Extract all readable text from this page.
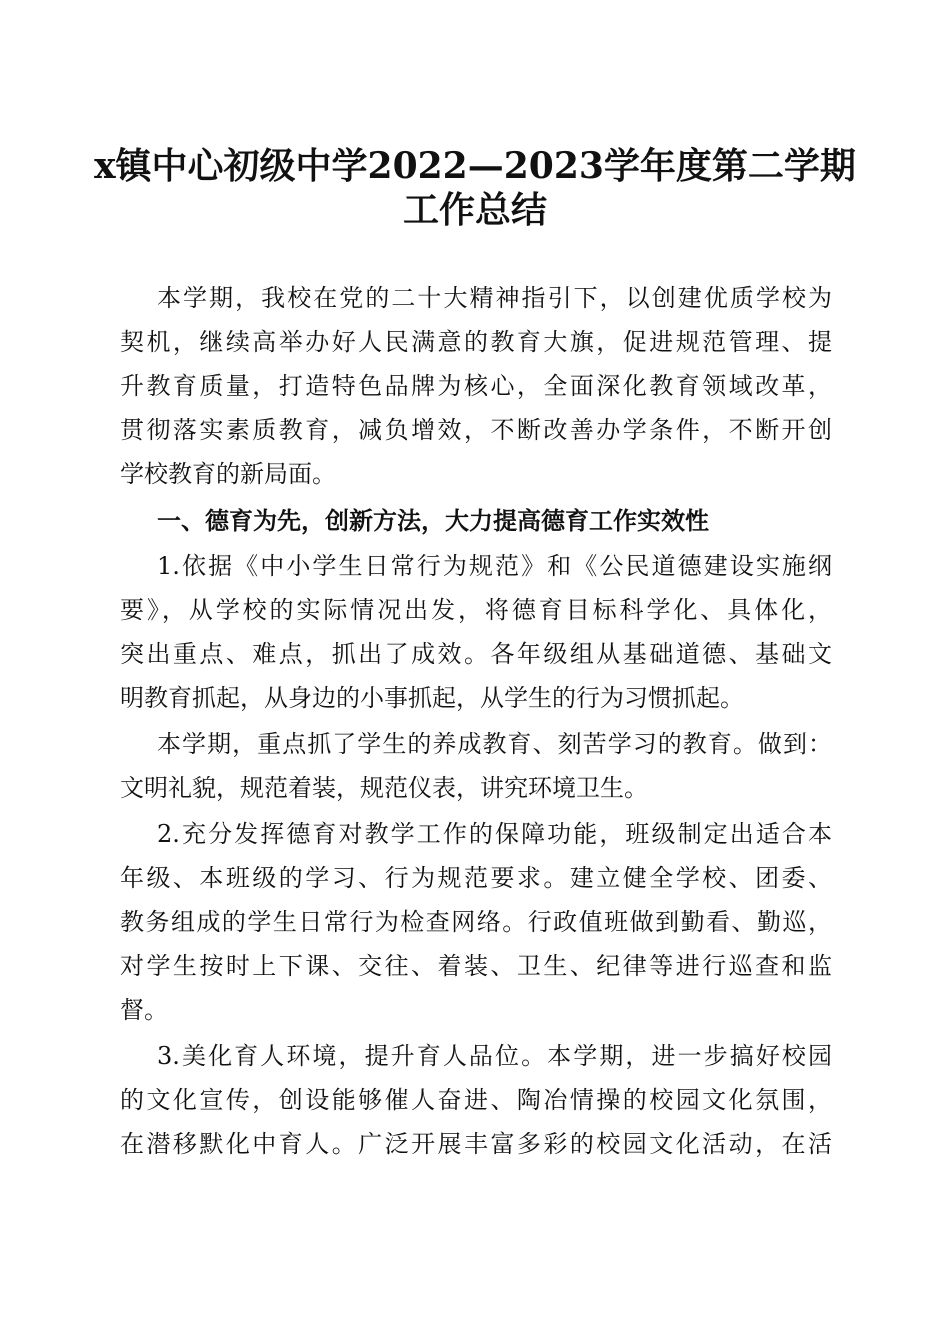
x镇中心初级中学2022—2023学年度第二学期
工作总结
本学期，我校在党的二十大精神指引下，以创建优质学校为
契机，继续高举办好人民满意的教育大旗，促进规范管理、提
升教育质量，打造特色品牌为核心，全面深化教育领域改革，
贯彻落实素质教育，减负增效，不断改善办学条件，不断开创
学校教育的新局面。
一、德育为先，创新方法，大力提高德育工作实效性
1.依据《中小学生日常行为规范》和《公民道德建设实施纲
要》，从学校的实际情况出发，将德育目标科学化、具体化，
突出重点、难点，抓出了成效。各年级组从基础道德、基础文
明教育抓起，从身边的小事抓起，从学生的行为习惯抓起。
本学期，重点抓了学生的养成教育、刻苦学习的教育。做到：
文明礼貌，规范着装，规范仪表，讲究环境卫生。
2.充分发挥德育对教学工作的保障功能，班级制定出适合本
年级、本班级的学习、行为规范要求。建立健全学校、团委、
教务组成的学生日常行为检查网络。行政值班做到勤看、勤巡，
对学生按时上下课、交往、着装、卫生、纪律等进行巡查和监
督。
3.美化育人环境，提升育人品位。本学期，进一步搞好校园
的文化宣传，创设能够催人奋进、陶冶情操的校园文化氛围，
在潜移默化中育人。广泛开展丰富多彩的校园文化活动，在活
